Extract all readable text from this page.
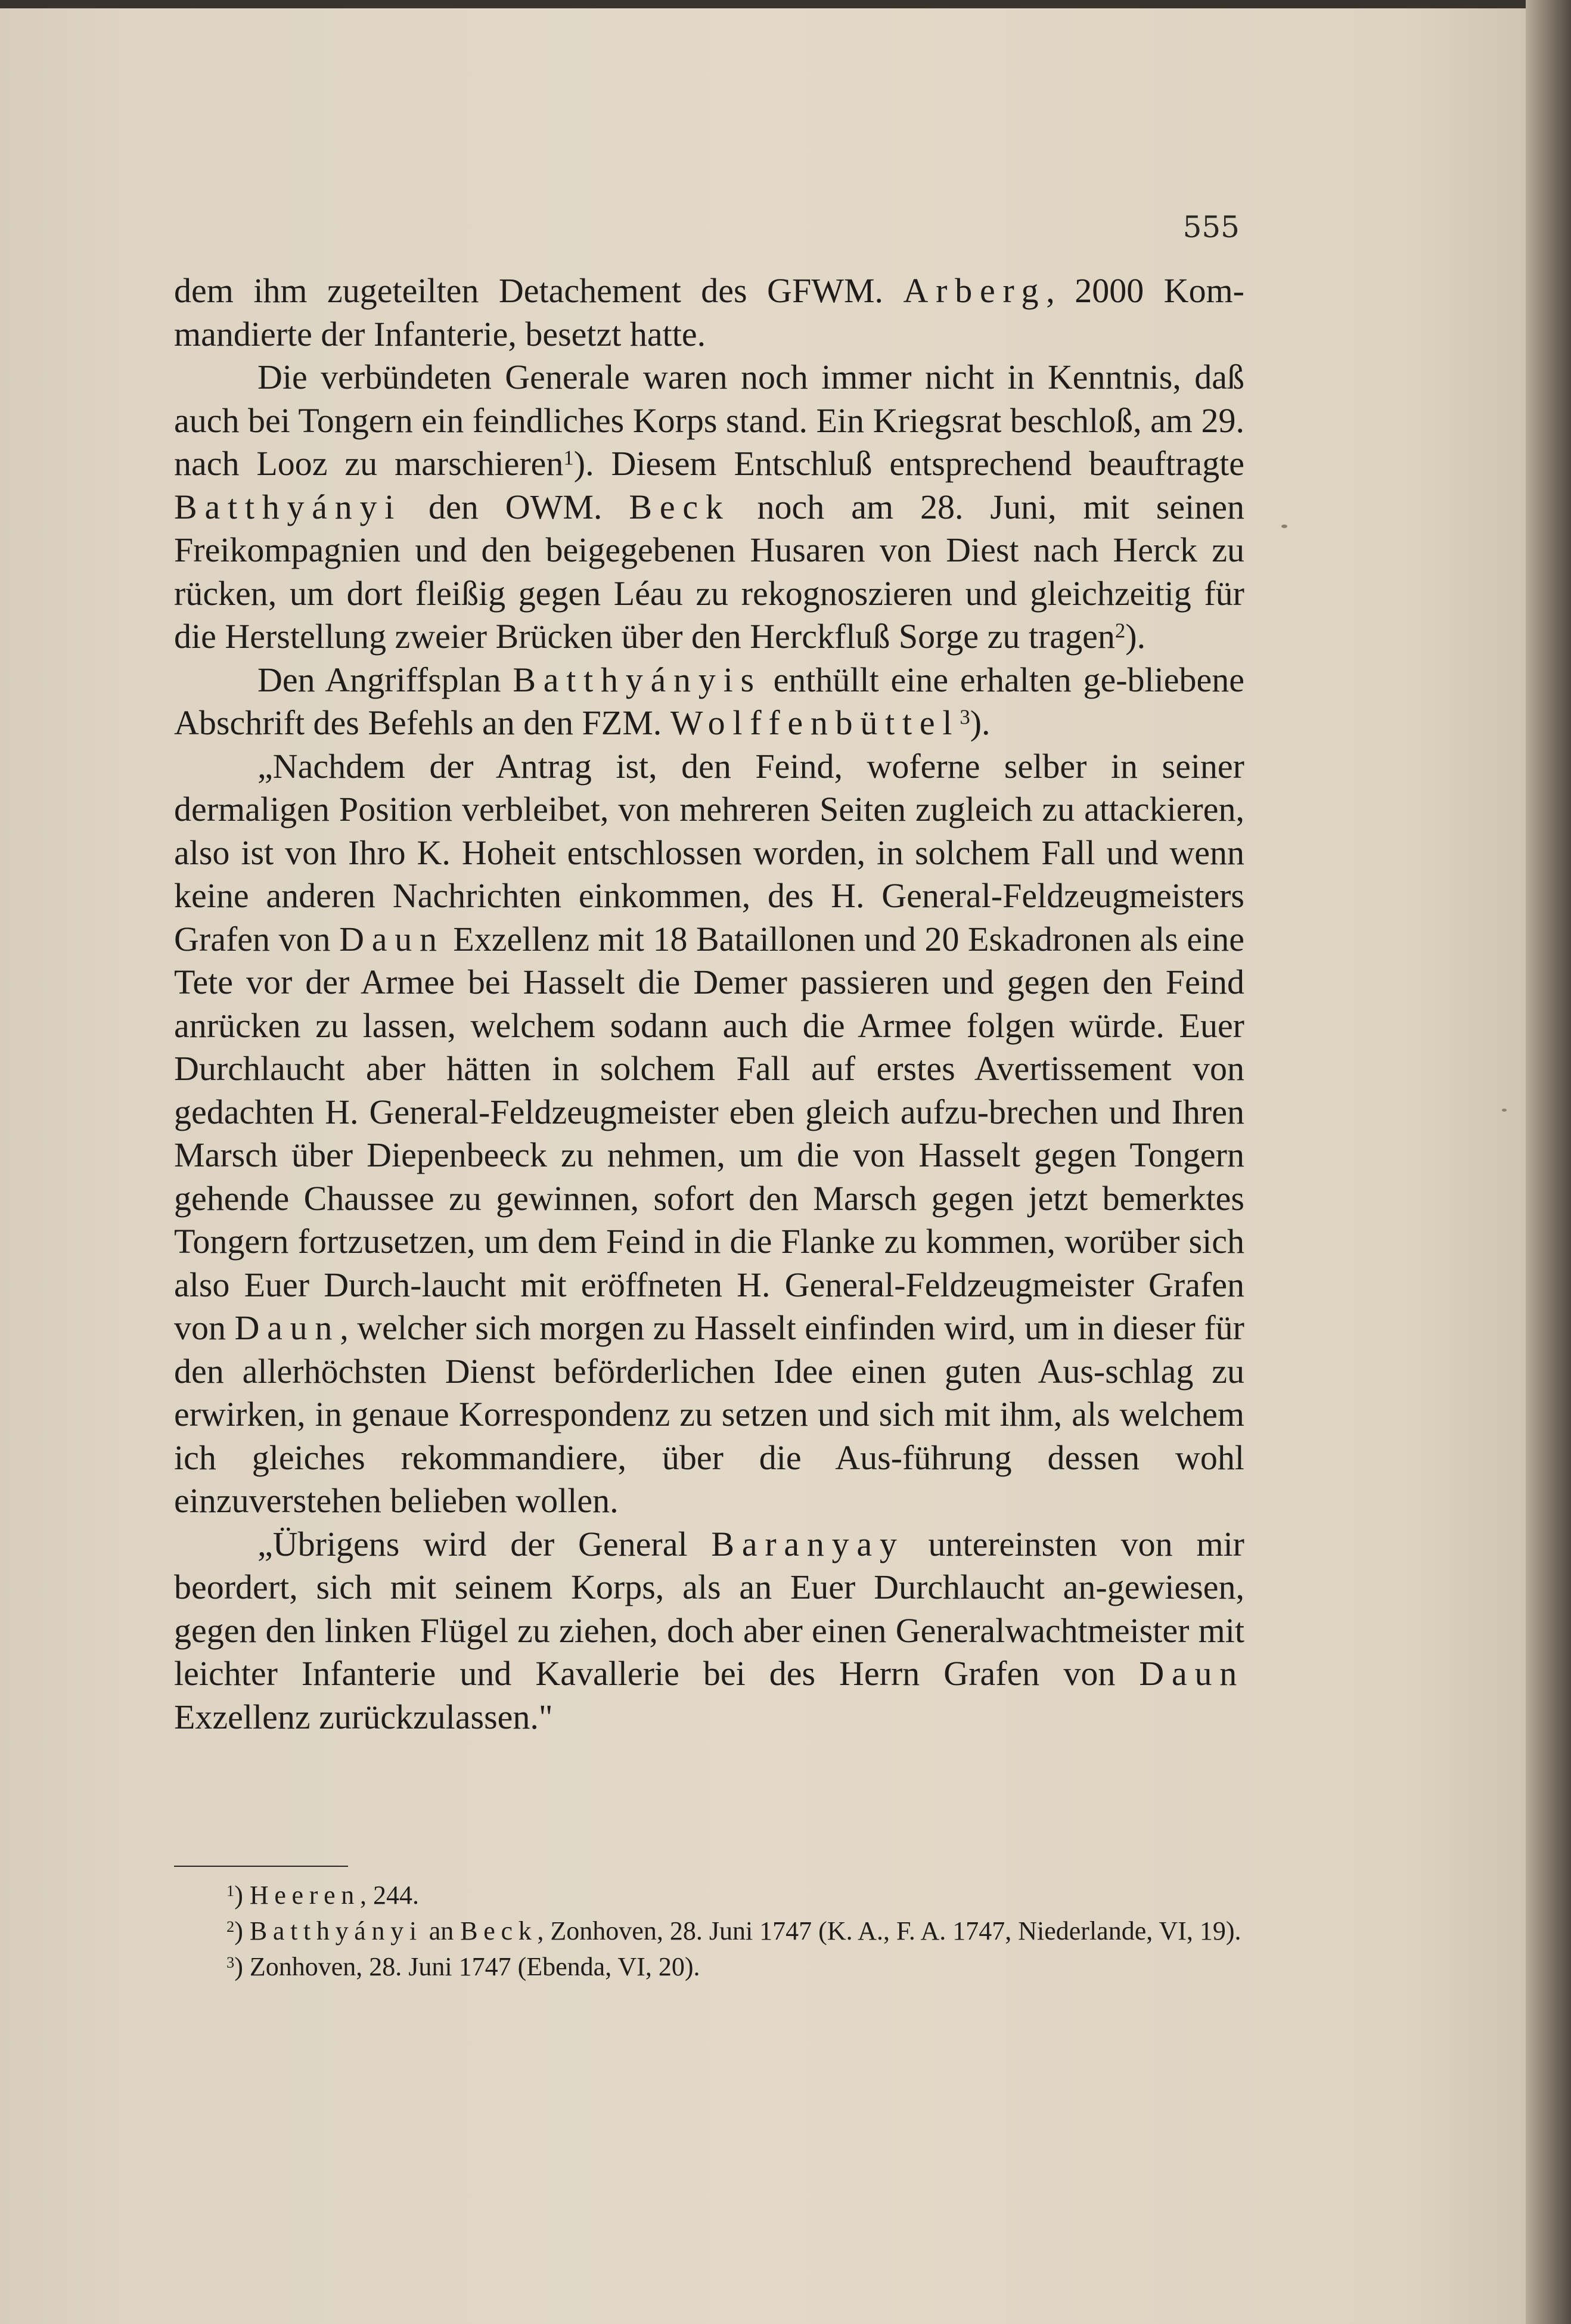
555

dem ihm zugeteilten Detachement des GFWM. Arberg, 2000 Kom-mandierte der Infanterie, besetzt hatte.

Die verbündeten Generale waren noch immer nicht in Kenntnis, daß auch bei Tongern ein feindliches Korps stand. Ein Kriegsrat beschloß, am 29. nach Looz zu marschieren$^1$). Diesem Entschluß entsprechend beauftragte Batthyányi den OWM. Beck noch am 28. Juni, mit seinen Freikompagnien und den beigegebenen Husaren von Diest nach Herck zu rücken, um dort fleißig gegen Léau zu rekognoszieren und gleichzeitig für die Herstellung zweier Brücken über den Herckfluß Sorge zu tragen$^2$).

Den Angriffsplan Batthyányis enthüllt eine erhalten ge-bliebene Abschrift des Befehls an den FZM. Wolffenbüttel$^3$).

„Nachdem der Antrag ist, den Feind, woferne selber in seiner dermaligen Position verbleibet, von mehreren Seiten zugleich zu attackieren, also ist von Ihro K. Hoheit entschlossen worden, in solchem Fall und wenn keine anderen Nachrichten einkommen, des H. General-Feldzeugmeisters Grafen von Daun Exzellenz mit 18 Bataillonen und 20 Eskadronen als eine Tete vor der Armee bei Hasselt die Demer passieren und gegen den Feind anrücken zu lassen, welchem sodann auch die Armee folgen würde. Euer Durchlaucht aber hätten in solchem Fall auf erstes Avertissement von gedachten H. General-Feldzeugmeister eben gleich aufzu-brechen und Ihren Marsch über Diepenbeeck zu nehmen, um die von Hasselt gegen Tongern gehende Chaussee zu gewinnen, sofort den Marsch gegen jetzt bemerktes Tongern fortzusetzen, um dem Feind in die Flanke zu kommen, worüber sich also Euer Durch-laucht mit eröffneten H. General-Feldzeugmeister Grafen von Daun, welcher sich morgen zu Hasselt einfinden wird, um in dieser für den allerhöchsten Dienst beförderlichen Idee einen guten Aus-schlag zu erwirken, in genaue Korrespondenz zu setzen und sich mit ihm, als welchem ich gleiches rekommandiere, über die Aus-führung dessen wohl einzuverstehen belieben wollen.

„Übrigens wird der General Baranyay untereinsten von mir beordert, sich mit seinem Korps, als an Euer Durchlaucht an-gewiesen, gegen den linken Flügel zu ziehen, doch aber einen Generalwachtmeister mit leichter Infanterie und Kavallerie bei des Herrn Grafen von Daun Exzellenz zurückzulassen."

$^1$) Heeren, 244.

$^2$) Batthyányi an Beck, Zonhoven, 28. Juni 1747 (K. A., F. A. 1747, Niederlande, VI, 19).

$^3$) Zonhoven, 28. Juni 1747 (Ebenda, VI, 20).
